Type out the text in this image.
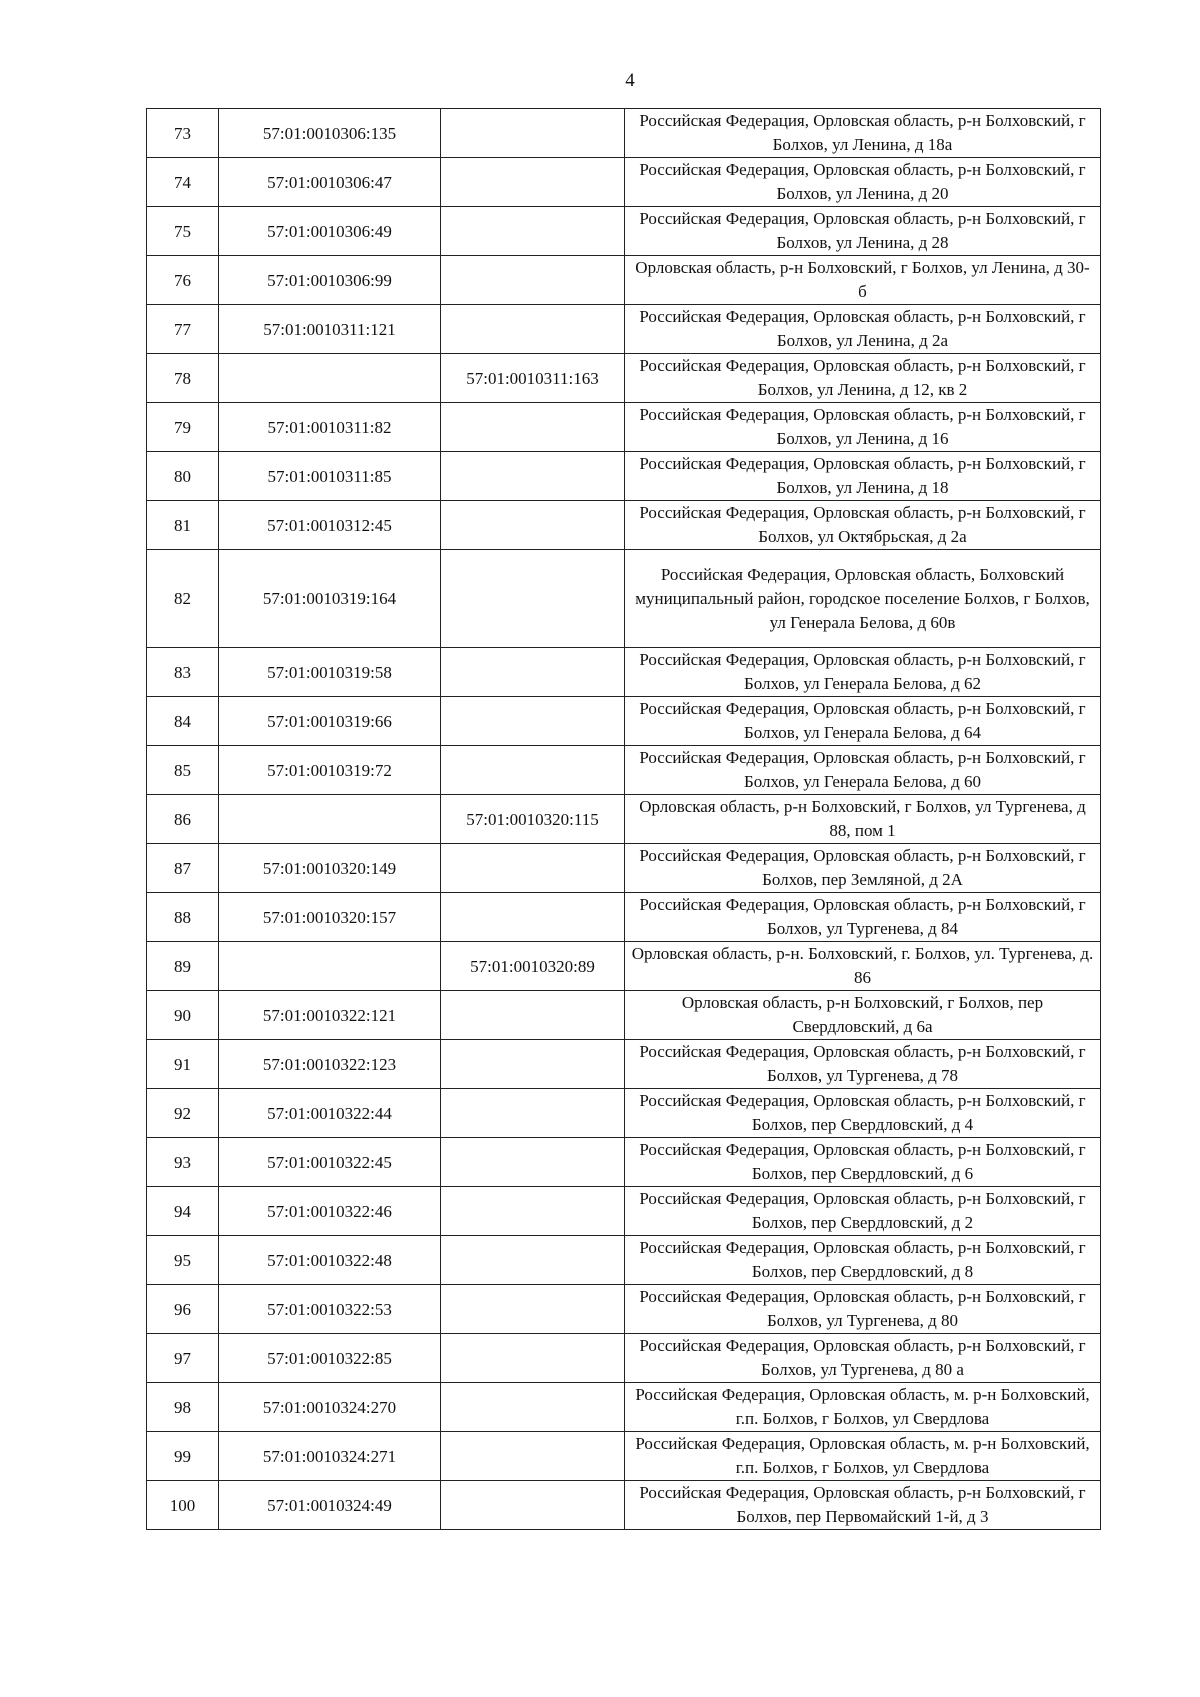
4
73	57:01:0010306:135		Российская Федерация, Орловская область, р-н Болховский, г Болхов, ул Ленина, д 18а
74	57:01:0010306:47		Российская Федерация, Орловская область, р-н Болховский, г Болхов, ул Ленина, д 20
75	57:01:0010306:49		Российская Федерация, Орловская область, р-н Болховский, г Болхов, ул Ленина, д 28
76	57:01:0010306:99		Орловская область, р-н Болховский, г Болхов, ул Ленина, д 30-б
77	57:01:0010311:121		Российская Федерация, Орловская область, р-н Болховский, г Болхов, ул Ленина, д 2а
78		57:01:0010311:163	Российская Федерация, Орловская область, р-н Болховский, г Болхов, ул Ленина, д 12, кв 2
79	57:01:0010311:82		Российская Федерация, Орловская область, р-н Болховский, г Болхов, ул Ленина, д 16
80	57:01:0010311:85		Российская Федерация, Орловская область, р-н Болховский, г Болхов, ул Ленина, д 18
81	57:01:0010312:45		Российская Федерация, Орловская область, р-н Болховский, г Болхов, ул Октябрьская, д 2а
82	57:01:0010319:164		Российская Федерация, Орловская область, Болховский муниципальный район, городское поселение Болхов, г Болхов, ул Генерала Белова, д 60в
83	57:01:0010319:58		Российская Федерация, Орловская область, р-н Болховский, г Болхов, ул Генерала Белова, д 62
84	57:01:0010319:66		Российская Федерация, Орловская область, р-н Болховский, г Болхов, ул Генерала Белова, д 64
85	57:01:0010319:72		Российская Федерация, Орловская область, р-н Болховский, г Болхов, ул Генерала Белова, д 60
86		57:01:0010320:115	Орловская область, р-н Болховский, г Болхов, ул Тургенева, д 88, пом 1
87	57:01:0010320:149		Российская Федерация, Орловская область, р-н Болховский, г Болхов, пер Земляной, д 2А
88	57:01:0010320:157		Российская Федерация, Орловская область, р-н Болховский, г Болхов, ул Тургенева, д 84
89		57:01:0010320:89	Орловская область, р-н. Болховский, г. Болхов, ул. Тургенева, д. 86
90	57:01:0010322:121		Орловская область, р-н Болховский, г Болхов, пер Свердловский, д 6а
91	57:01:0010322:123		Российская Федерация, Орловская область, р-н Болховский, г Болхов, ул Тургенева, д 78
92	57:01:0010322:44		Российская Федерация, Орловская область, р-н Болховский, г Болхов, пер Свердловский, д 4
93	57:01:0010322:45		Российская Федерация, Орловская область, р-н Болховский, г Болхов, пер Свердловский, д 6
94	57:01:0010322:46		Российская Федерация, Орловская область, р-н Болховский, г Болхов, пер Свердловский, д 2
95	57:01:0010322:48		Российская Федерация, Орловская область, р-н Болховский, г Болхов, пер Свердловский, д 8
96	57:01:0010322:53		Российская Федерация, Орловская область, р-н Болховский, г Болхов, ул Тургенева, д 80
97	57:01:0010322:85		Российская Федерация, Орловская область, р-н Болховский, г Болхов, ул Тургенева, д 80 а
98	57:01:0010324:270		Российская Федерация, Орловская область, м. р-н Болховский, г.п. Болхов, г Болхов, ул Свердлова
99	57:01:0010324:271		Российская Федерация, Орловская область, м. р-н Болховский, г.п. Болхов, г Болхов, ул Свердлова
100	57:01:0010324:49		Российская Федерация, Орловская область, р-н Болховский, г Болхов, пер Первомайский 1-й, д 3
